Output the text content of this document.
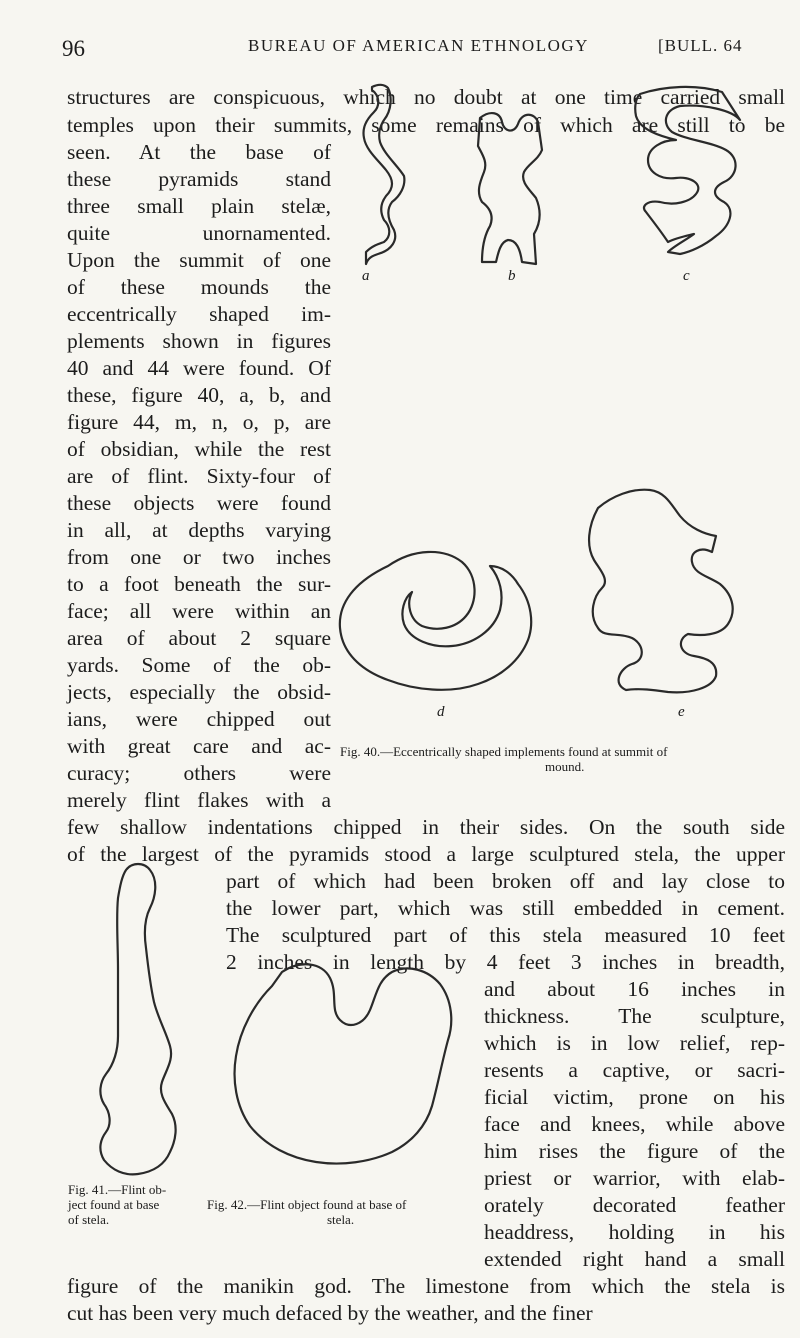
96	BUREAU OF AMERICAN ETHNOLOGY	[BULL. 64
structures are conspicuous, which no doubt at one time carried small
temples upon their summits, some remains of which are still to be
seen. At the base of
these pyramids stand
three small plain stelæ,
quite unornamented.
Upon the summit of one
of these mounds the
eccentrically shaped im-
plements shown in figures
40 and 44 were found. Of
these, figure 40, a, b, and
figure 44, m, n, o, p, are
of obsidian, while the rest
are of flint. Sixty-four of
these objects were found
in all, at depths varying
from one or two inches
to a foot beneath the sur-
face; all were within an
area of about 2 square
yards. Some of the ob-
jects, especially the obsid-
ians, were chipped out
with great care and ac-
curacy; others were
merely flint flakes with a
few shallow indentations chipped in their sides. On the south side
of the largest of the pyramids stood a large sculptured stela, the upper
part of which had been broken off and lay close to
the lower part, which was still embedded in cement.
The sculptured part of this stela measured 10 feet
2 inches in length by 4 feet 3 inches in breadth,
and about 16 inches in
thickness. The sculpture,
which is in low relief, rep-
resents a captive, or sacri-
ficial victim, prone on his
face and knees, while above
him rises the figure of the
priest or warrior, with elab-
orately decorated feather
headdress, holding in his
extended right hand a small
figure of the manikin god. The limestone from which the stela is
cut has been very much defaced by the weather, and the finer
a	b	c
d	e
Fig. 40.—Eccentrically shaped implements found at summit of
mound.
Fig. 41.—Flint ob-
ject found at base
of stela.
Fig. 42.—Flint object found at base of
stela.
